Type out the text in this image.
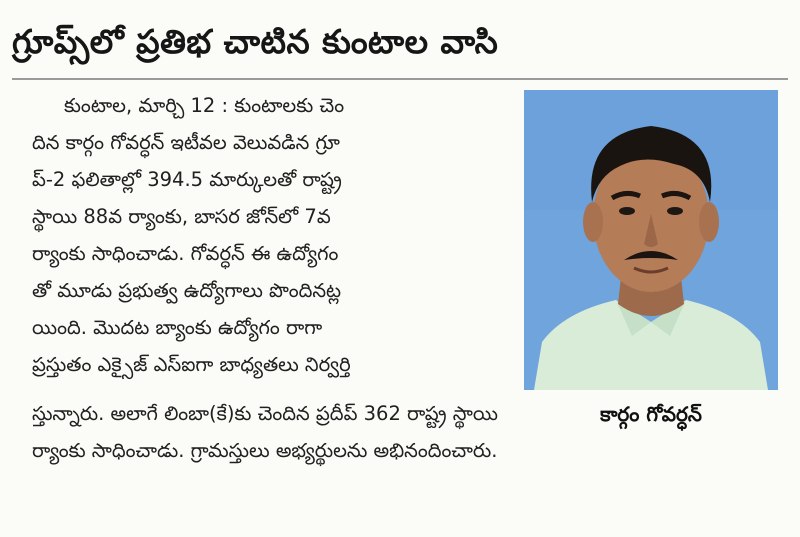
గ్రూప్స్‌లో ప్రతిభ చాటిన కుంటాల వాసి
కుంటాల, మార్చి 12 : కుంటాలకు చెం
దిన కార్గం గోవర్ధన్ ఇటీవల వెలువడిన గ్రూ
ప్-2 ఫలితాల్లో 394.5 మార్కులతో రాష్ట్ర
స్థాయి 88వ ర్యాంకు, బాసర జోన్‌లో 7వ
ర్యాంకు సాధించాడు. గోవర్ధన్ ఈ ఉద్యోగం
తో మూడు ప్రభుత్వ ఉద్యోగాలు పొందినట్ల
యింది. మొదట బ్యాంకు ఉద్యోగం రాగా
ప్రస్తుతం ఎక్సైజ్ ఎస్ఐగా బాధ్యతలు నిర్వర్తి
స్తున్నారు. అలాగే లింబా(కే)కు చెందిన ప్రదీప్ 362 రాష్ట్ర స్థాయి
ర్యాంకు సాధించాడు. గ్రామస్తులు అభ్యర్థులను అభినందించారు.
కార్గం గోవర్ధన్
